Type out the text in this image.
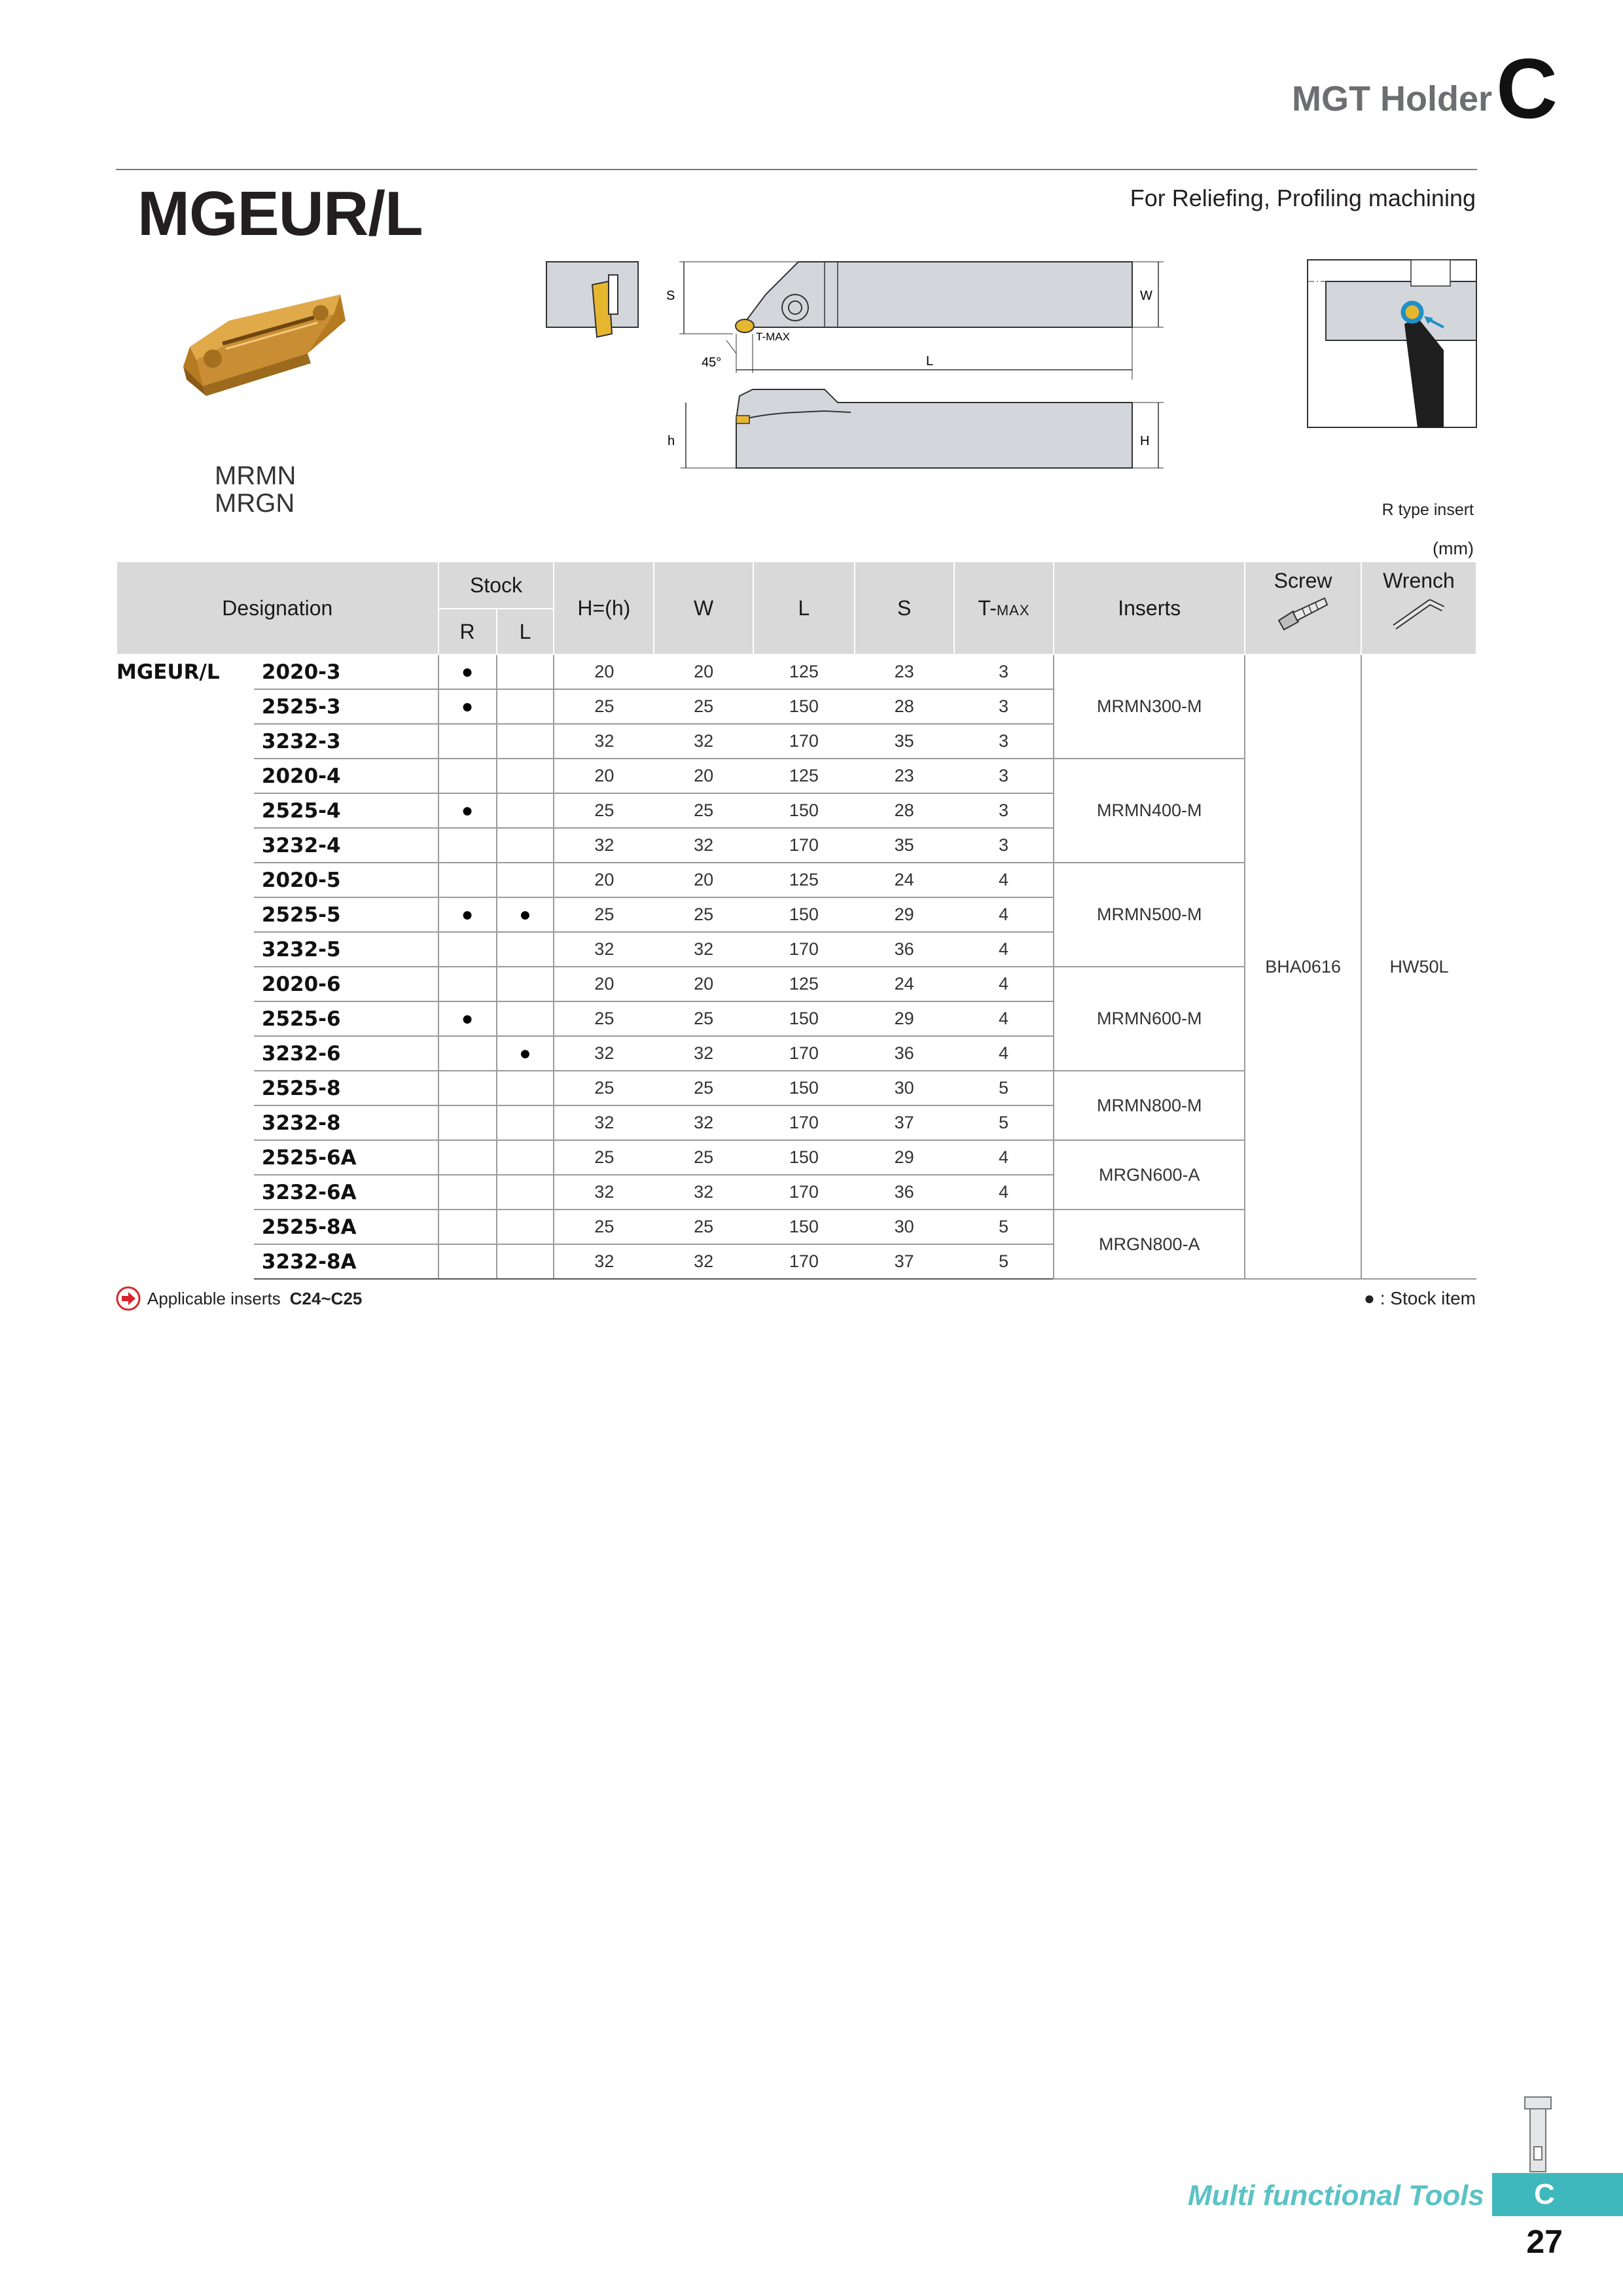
MGT Holder C
MGEUR/L	For Reliefing, Profiling machining
MRMN
MRGN
S	W
T-MAX
45°	L
h	H
R type insert
(mm)
Designation		Stock		H=(h)	W	L	S	T-MAX	Inserts	Screw	Wrench

		R	L								
MGEUR/L	2020-3	●		20	20	125	23	3	MRMN300-M	BHA0616	HW50L
	2525-3	●		25	25	150	28	3			
	3232-3			32	32	170	35	3			
	2020-4			20	20	125	23	3	MRMN400-M		
	2525-4	●		25	25	150	28	3			
	3232-4			32	32	170	35	3			
	2020-5			20	20	125	24	4	MRMN500-M		
	2525-5	●	●	25	25	150	29	4			
	3232-5			32	32	170	36	4			
	2020-6			20	20	125	24	4	MRMN600-M		
	2525-6	●		25	25	150	29	4			
	3232-6		●	32	32	170	36	4			
	2525-8			25	25	150	30	5	MRMN800-M		
	3232-8			32	32	170	37	5			
	2525-6A			25	25	150	29	4	MRGN600-A		
	3232-6A			32	32	170	36	4			
	2525-8A			25	25	150	30	5	MRGN800-A		
	3232-8A			32	32	170	37	5			
Applicable inserts C24~C25	● : Stock item
Multi functional Tools	C
27
